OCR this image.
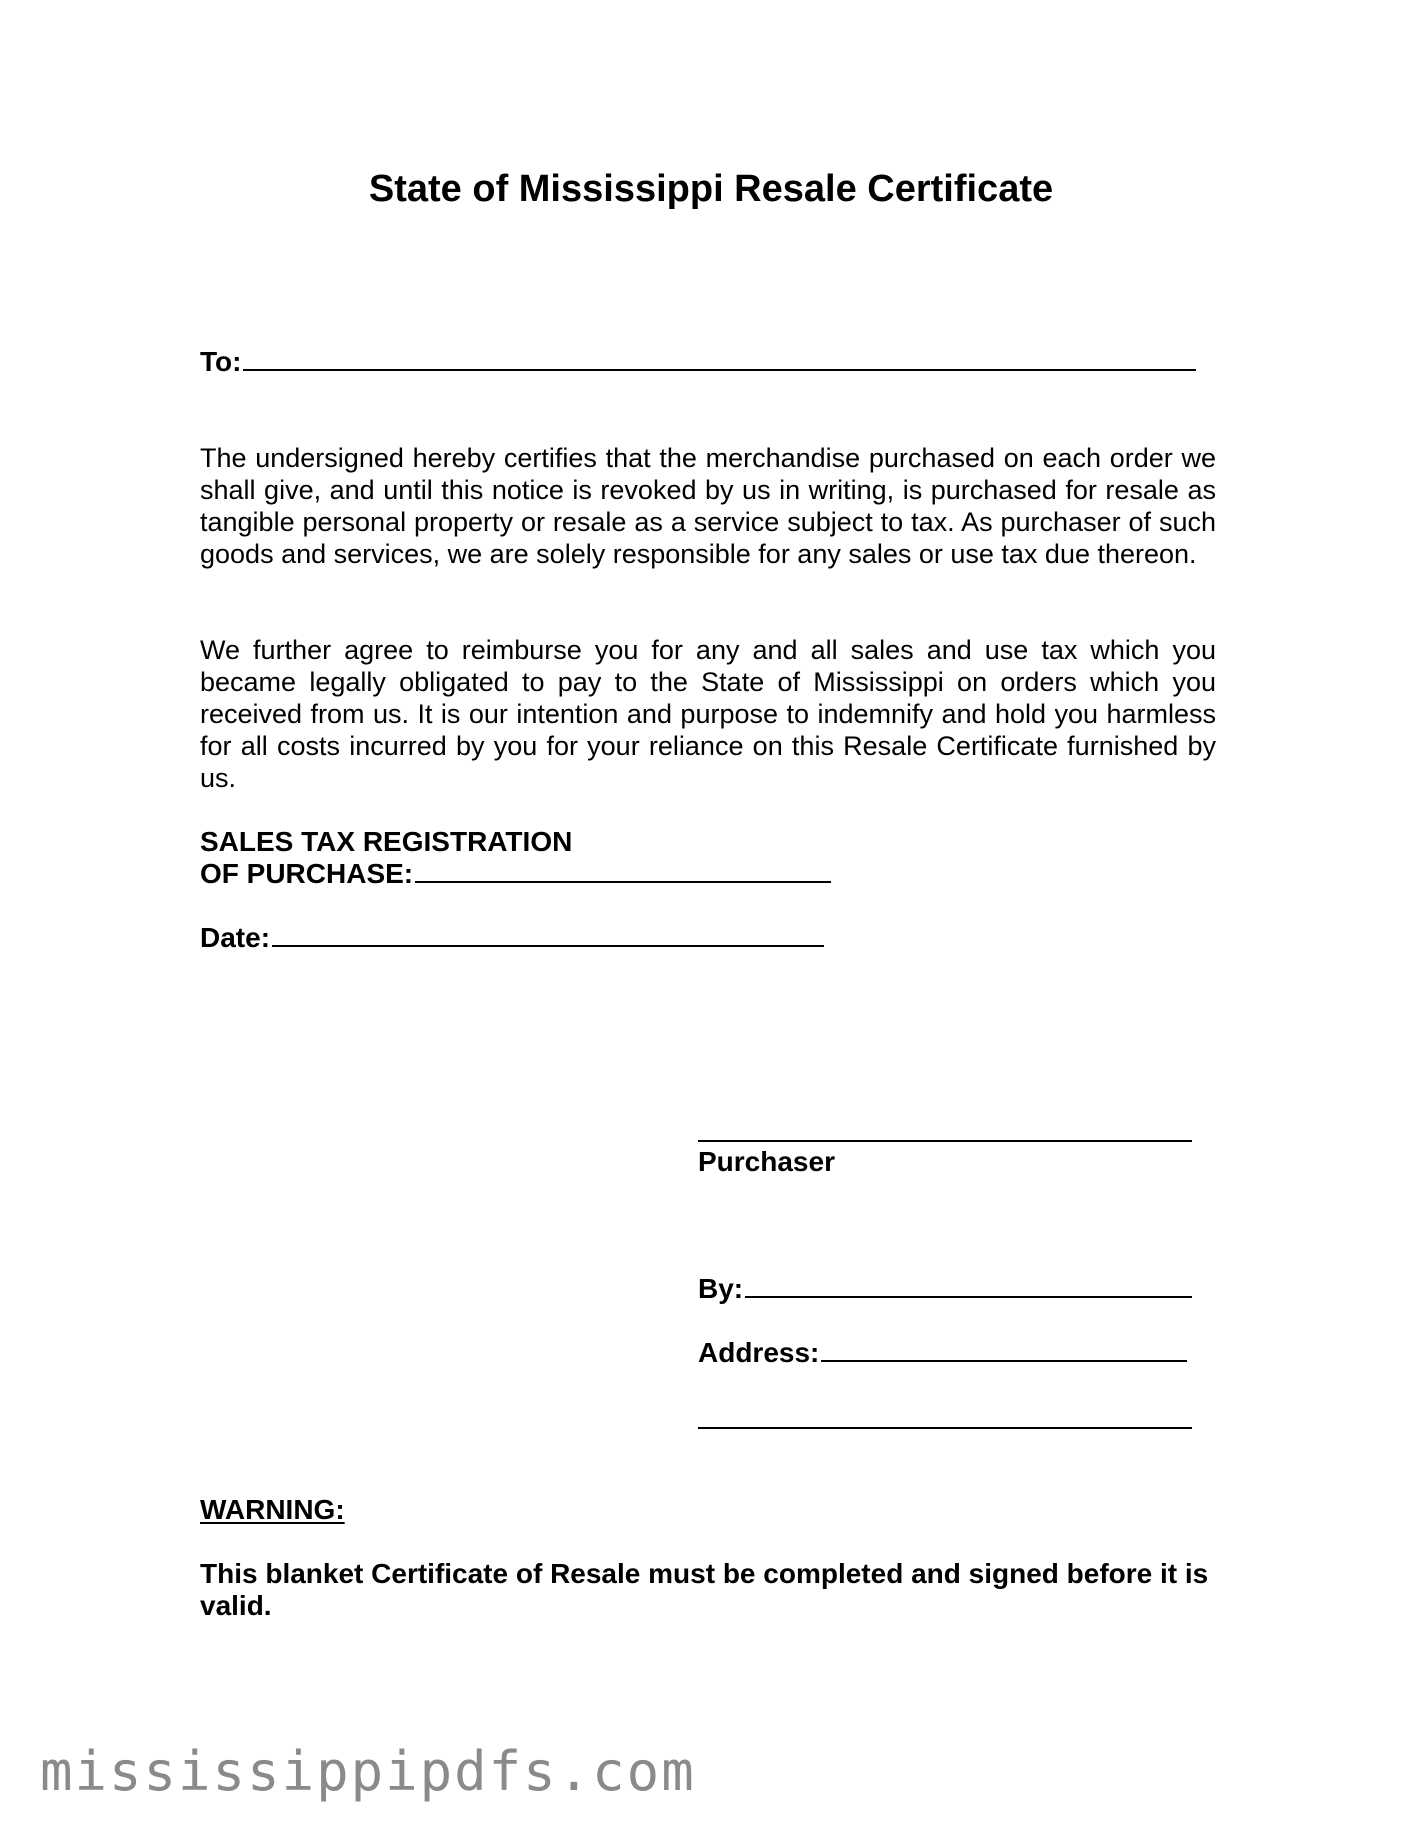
State of Mississippi Resale Certificate
To:
The undersigned hereby certifies that the merchandise purchased on each order we shall give, and until this notice is revoked by us in writing, is purchased for resale as tangible personal property or resale as a service subject to tax. As purchaser of such goods and services, we are solely responsible for any sales or use tax due thereon.
We further agree to reimburse you for any and all sales and use tax which you became legally obligated to pay to the State of Mississippi on orders which you received from us. It is our intention and purpose to indemnify and hold you harmless for all costs incurred by you for your reliance on this Resale Certificate furnished by us.
SALES TAX REGISTRATION
OF PURCHASE:
Date:
Purchaser
By:
Address:
WARNING:
This blanket Certificate of Resale must be completed and signed before it is valid.
mississippipdfs.com
